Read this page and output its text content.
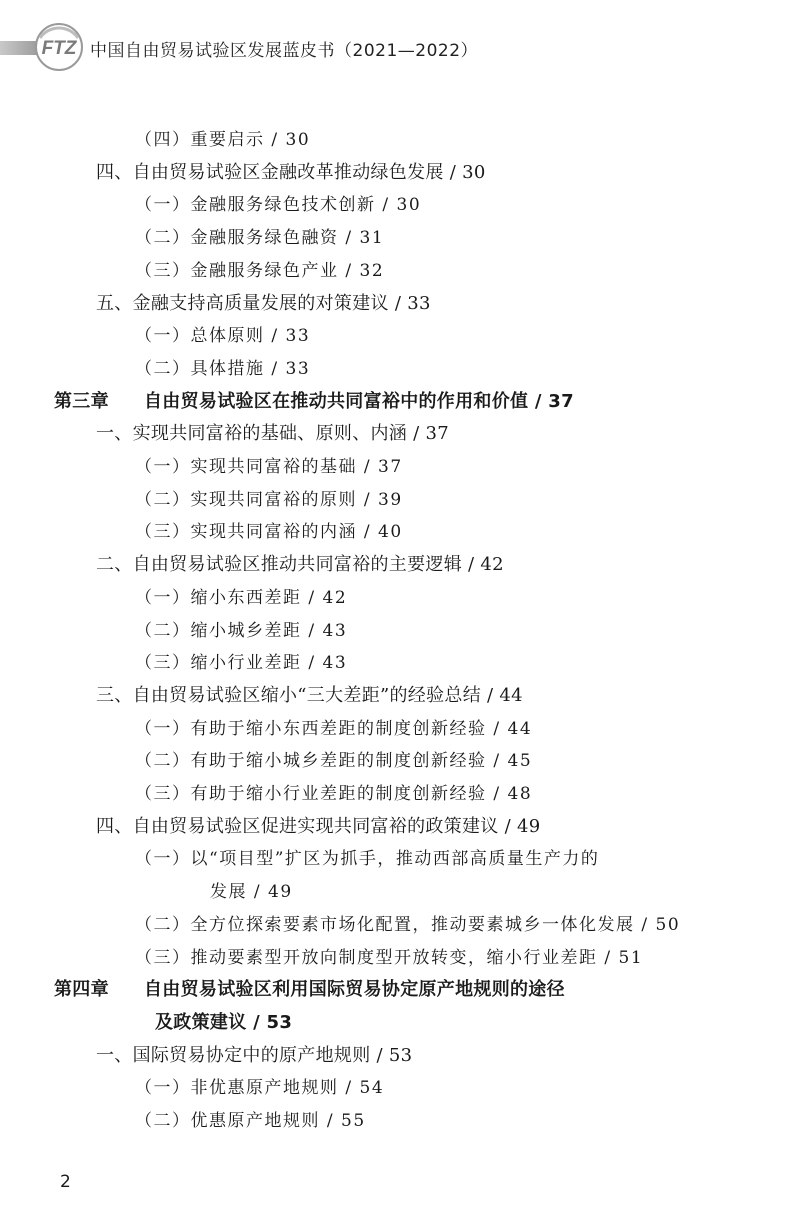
FTZ 中国自由贸易试验区发展蓝皮书（2021—2022）
（四）重要启示 / 30
四、自由贸易试验区金融改革推动绿色发展 / 30
（一）金融服务绿色技术创新 / 30
（二）金融服务绿色融资 / 31
（三）金融服务绿色产业 / 32
五、金融支持高质量发展的对策建议 / 33
（一）总体原则 / 33
（二）具体措施 / 33
第三章 自由贸易试验区在推动共同富裕中的作用和价值 / 37
一、实现共同富裕的基础、原则、内涵 / 37
（一）实现共同富裕的基础 / 37
（二）实现共同富裕的原则 / 39
（三）实现共同富裕的内涵 / 40
二、自由贸易试验区推动共同富裕的主要逻辑 / 42
（一）缩小东西差距 / 42
（二）缩小城乡差距 / 43
（三）缩小行业差距 / 43
三、自由贸易试验区缩小“三大差距”的经验总结 / 44
（一）有助于缩小东西差距的制度创新经验 / 44
（二）有助于缩小城乡差距的制度创新经验 / 45
（三）有助于缩小行业差距的制度创新经验 / 48
四、自由贸易试验区促进实现共同富裕的政策建议 / 49
（一）以“项目型”扩区为抓手，推动西部高质量生产力的
发展 / 49
（二）全方位探索要素市场化配置，推动要素城乡一体化发展 / 50
（三）推动要素型开放向制度型开放转变，缩小行业差距 / 51
第四章 自由贸易试验区利用国际贸易协定原产地规则的途径
及政策建议 / 53
一、国际贸易协定中的原产地规则 / 53
（一）非优惠原产地规则 / 54
（二）优惠原产地规则 / 55
2
